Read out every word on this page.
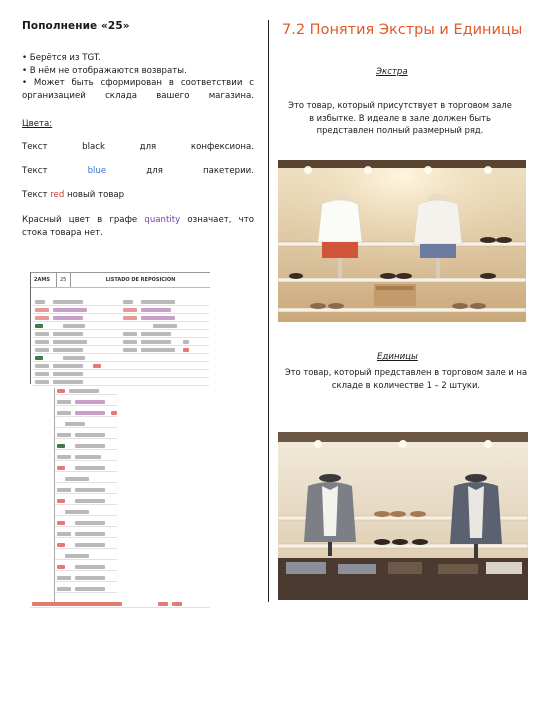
Пополнение «25»
• Берётся из TGT.
• В нём не отображаются возвраты.
• Может быть сформирован в соответствии с
организацией склада вашего магазина.
Цвета:
Текст	black	для	конфексиона.
Текст	blue	для	пакетерии.
Текст red новый товар
Красный цвет в графе quantity означает, что стока товара нет.
2AMS	25	LISTADO DE REPOSICION
7.2 Понятия Экстры и Единицы
Экстра
Это товар, который присутствует в торговом зале в избытке. В идеале в зале должен быть представлен полный размерный ряд.
Единицы
Это товар, который представлен в торговом зале и на складе в количестве 1 – 2 штуки.
